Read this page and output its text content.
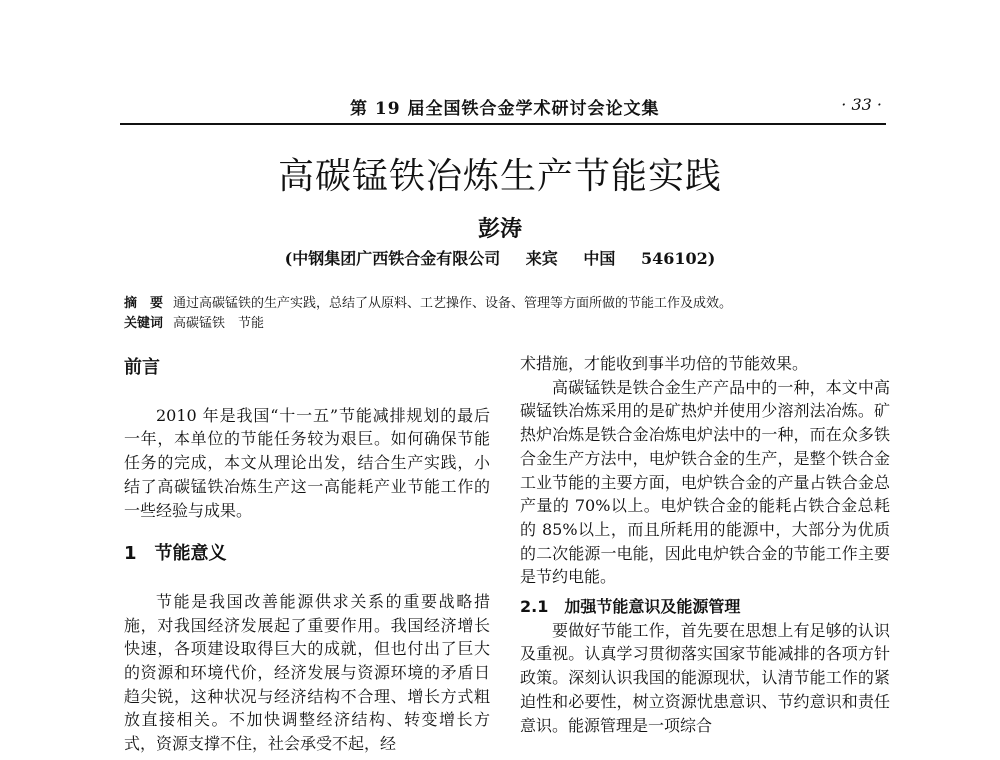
第 19 届全国铁合金学术研讨会论文集	· 33 ·
高碳锰铁冶炼生产节能实践
彭涛
(中钢集团广西铁合金有限公司 来宾 中国 546102)
摘　要 通过高碳锰铁的生产实践，总结了从原料、工艺操作、设备、管理等方面所做的节能工作及成效。
关键词 高碳锰铁　节能
前言

2010 年是我国“十一五”节能减排规划的最后一年，本单位的节能任务较为艰巨。如何确保节能任务的完成，本文从理论出发，结合生产实践，小结了高碳锰铁冶炼生产这一高能耗产业节能工作的一些经验与成果。

1　节能意义

节能是我国改善能源供求关系的重要战略措施，对我国经济发展起了重要作用。我国经济增长快速，各项建设取得巨大的成就，但也付出了巨大的资源和环境代价，经济发展与资源环境的矛盾日趋尖锐，这种状况与经济结构不合理、增长方式粗放直接相关。不加快调整经济结构、转变增长方式，资源支撑不住，社会承受不起，经

术措施，才能收到事半功倍的节能效果。

高碳锰铁是铁合金生产产品中的一种，本文中高碳锰铁冶炼采用的是矿热炉并使用少溶剂法冶炼。矿热炉冶炼是铁合金冶炼电炉法中的一种，而在众多铁合金生产方法中，电炉铁合金的生产，是整个铁合金工业节能的主要方面，电炉铁合金的产量占铁合金总产量的 70%以上。电炉铁合金的能耗占铁合金总耗的 85%以上，而且所耗用的能源中，大部分为优质的二次能源一电能，因此电炉铁合金的节能工作主要是节约电能。

2.1　加强节能意识及能源管理

要做好节能工作，首先要在思想上有足够的认识及重视。认真学习贯彻落实国家节能减排的各项方针政策。深刻认识我国的能源现状，认清节能工作的紧迫性和必要性，树立资源忧患意识、节约意识和责任意识。能源管理是一项综合
